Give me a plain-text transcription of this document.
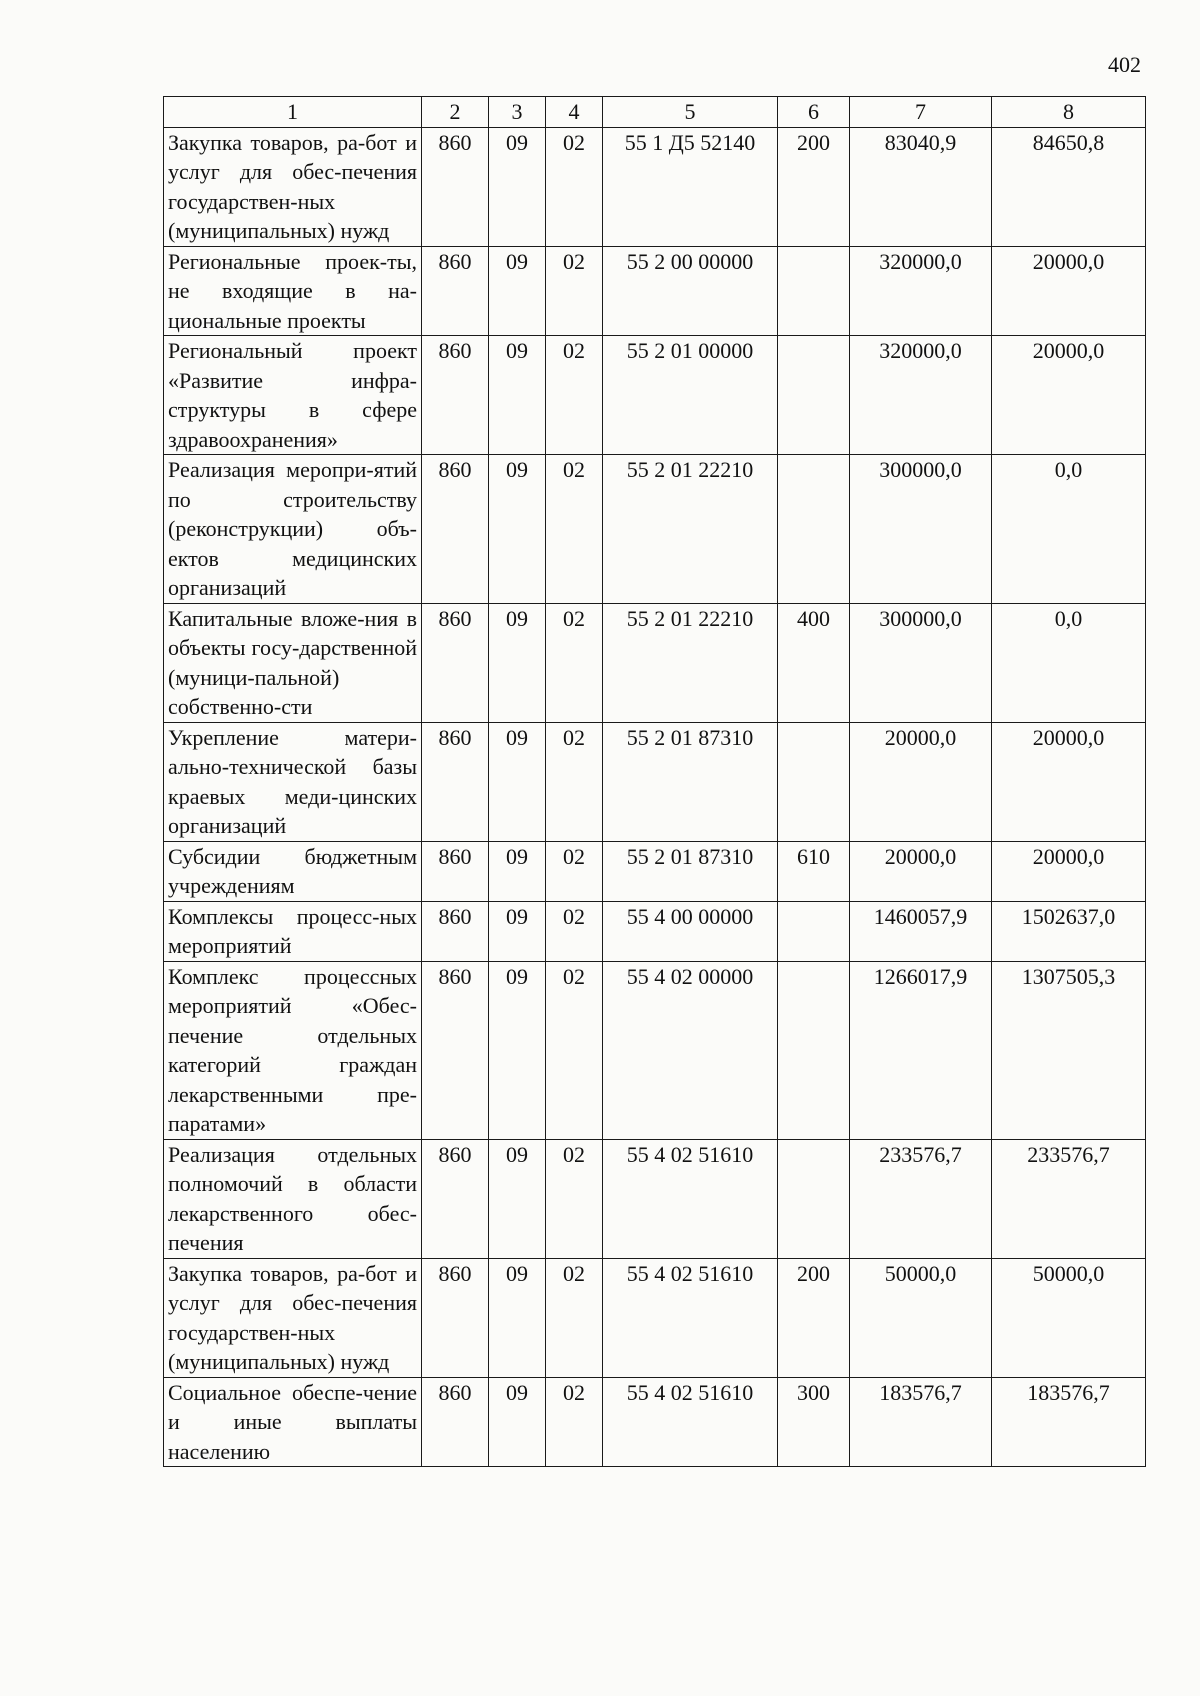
402
1	2	3	4	5	6	7	8
Закупка товаров, ра-бот и услуг для обес-печения государствен-ных (муниципальных) нужд	860	09	02	55 1 Д5 52140	200	83040,9	84650,8
Региональные проек-ты, не входящие в на-циональные проекты	860	09	02	55 2 00 00000		320000,0	20000,0
Региональный проект «Развитие инфра-структуры в сфере здравоохранения»	860	09	02	55 2 01 00000		320000,0	20000,0
Реализация меропри-ятий по строительству (реконструкции) объ-ектов медицинских организаций	860	09	02	55 2 01 22210		300000,0	0,0
Капитальные вложе-ния в объекты госу-дарственной (муници-пальной) собственно-сти	860	09	02	55 2 01 22210	400	300000,0	0,0
Укрепление матери-ально-технической базы краевых меди-цинских организаций	860	09	02	55 2 01 87310		20000,0	20000,0
Субсидии бюджетным учреждениям	860	09	02	55 2 01 87310	610	20000,0	20000,0
Комплексы процесс-ных мероприятий	860	09	02	55 4 00 00000		1460057,9	1502637,0
Комплекс процессных мероприятий «Обес-печение отдельных категорий граждан лекарственными пре-паратами»	860	09	02	55 4 02 00000		1266017,9	1307505,3
Реализация отдельных полномочий в области лекарственного обес-печения	860	09	02	55 4 02 51610		233576,7	233576,7
Закупка товаров, ра-бот и услуг для обес-печения государствен-ных (муниципальных) нужд	860	09	02	55 4 02 51610	200	50000,0	50000,0
Социальное обеспе-чение и иные выплаты населению	860	09	02	55 4 02 51610	300	183576,7	183576,7
